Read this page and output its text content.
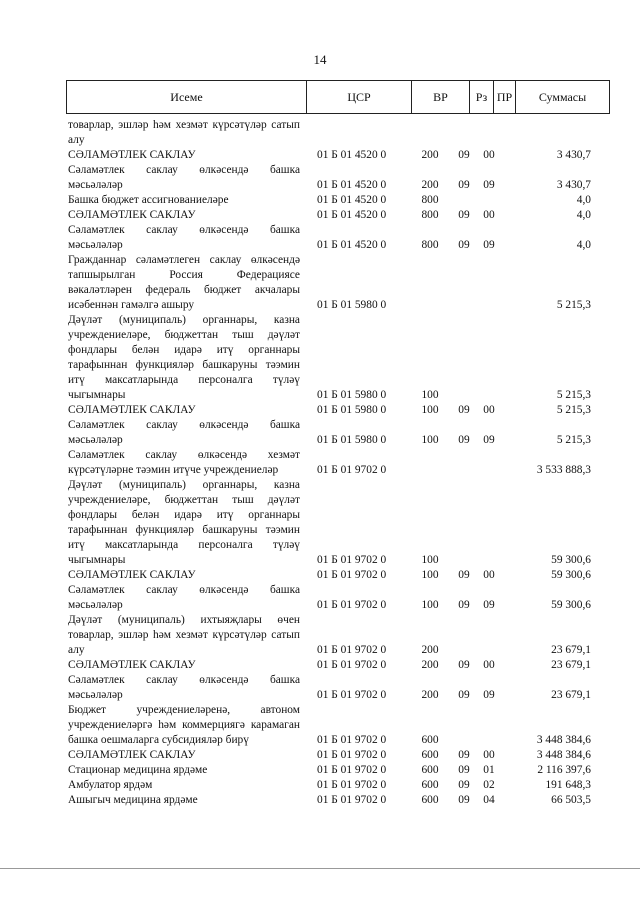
14
Исеме	ЦСР	ВР	Рз ПР	Суммасы
товарлар, эшләр һәм хезмәт күрсәтүләр сатып алу
СӘЛАМӘТЛЕК САКЛАУ	01 Б 01 4520 0	200 09 00	3 430,7
Сәламәтлек саклау өлкәсендә башка мәсьәләләр	01 Б 01 4520 0	200 09 09	3 430,7
Башка бюджет ассигнованиеләре	01 Б 01 4520 0	800	4,0
СӘЛАМӘТЛЕК САКЛАУ	01 Б 01 4520 0	800 09 00	4,0
Сәламәтлек саклау өлкәсендә башка мәсьәләләр	01 Б 01 4520 0	800 09 09	4,0
Гражданнар сәламәтлеген саклау өлкәсендә тапшырылган Россия Федерациясе вәкаләтләрен федераль бюджет акчалары исәбеннән гамәлгә ашыру	01 Б 01 5980 0	5 215,3
Дәүләт (муниципаль) органнары, казна учреждениеләре, бюджеттан тыш дәүләт фондлары белән идарә итү органнары тарафыннан функцияләр башкаруны тәэмин итү максатларында персоналга түләү чыгымнары	01 Б 01 5980 0	100	5 215,3
СӘЛАМӘТЛЕК САКЛАУ	01 Б 01 5980 0	100 09 00	5 215,3
Сәламәтлек саклау өлкәсендә башка мәсьәләләр	01 Б 01 5980 0	100 09 09	5 215,3
Сәламәтлек саклау өлкәсендә хезмәт күрсәтүләрне тәэмин итүче учреждениеләр	01 Б 01 9702 0	3 533 888,3
Дәүләт (муниципаль) органнары, казна учреждениеләре, бюджеттан тыш дәүләт фондлары белән идарә итү органнары тарафыннан функцияләр башкаруны тәэмин итү максатларында персоналга түләү чыгымнары	01 Б 01 9702 0	100	59 300,6
СӘЛАМӘТЛЕК САКЛАУ	01 Б 01 9702 0	100 09 00	59 300,6
Сәламәтлек саклау өлкәсендә башка мәсьәләләр	01 Б 01 9702 0	100 09 09	59 300,6
Дәүләт (муниципаль) ихтыяҗлары өчен товарлар, эшләр һәм хезмәт күрсәтүләр сатып алу	01 Б 01 9702 0	200	23 679,1
СӘЛАМӘТЛЕК САКЛАУ	01 Б 01 9702 0	200 09 00	23 679,1
Сәламәтлек саклау өлкәсендә башка мәсьәләләр	01 Б 01 9702 0	200 09 09	23 679,1
Бюджет учреждениеләренә, автоном учреждениеләргә һәм коммерциягә карамаган башка оешмаларга субсидияләр бирү	01 Б 01 9702 0	600	3 448 384,6
СӘЛАМӘТЛЕК САКЛАУ	01 Б 01 9702 0	600 09 00	3 448 384,6
Стационар медицина ярдәме	01 Б 01 9702 0	600 09 01	2 116 397,6
Амбулатор ярдәм	01 Б 01 9702 0	600 09 02	191 648,3
Ашыгыч медицина ярдәме	01 Б 01 9702 0	600 09 04	66 503,5
